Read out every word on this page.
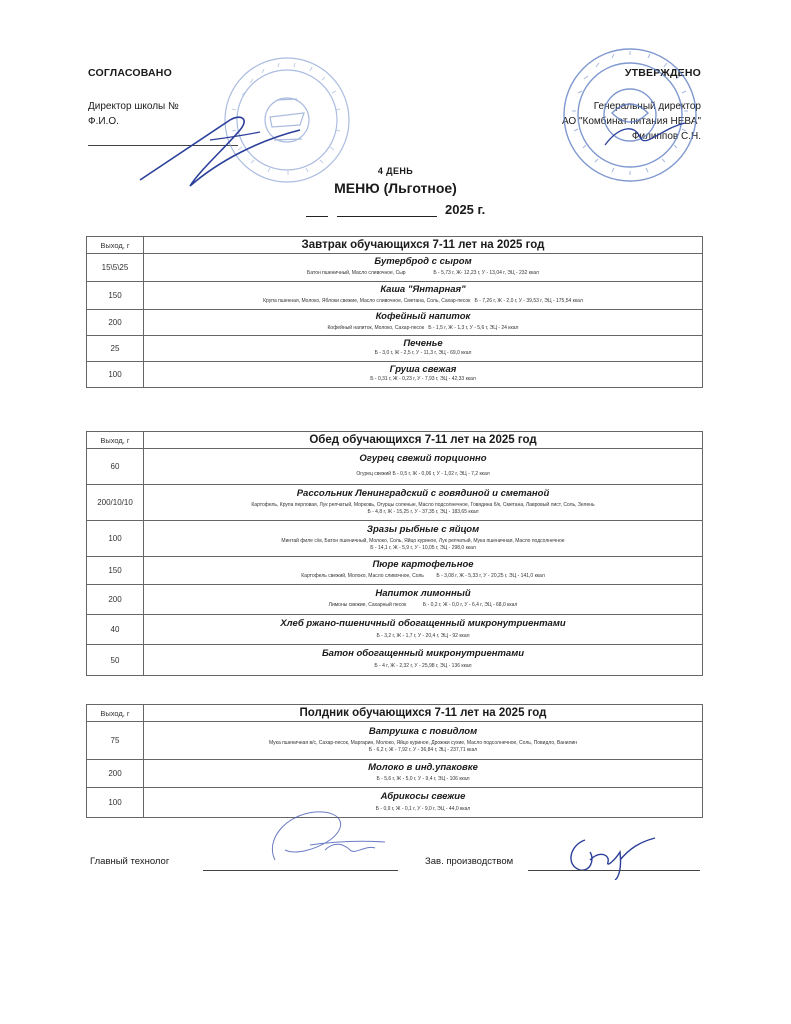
СОГЛАСОВАНО
Директор школы №
Ф.И.О.
УТВЕРЖДЕНО
Генеральный директор
АО "Комбинат питания НЕВА"
Филиппов С.Н.
4 ДЕНЬ
МЕНЮ (Льготное)
2025 г.
Выход, г	Завтрак обучающихся 7-11 лет на 2025 год
15\5\25	Бутерброд с сыром
Батон пшеничный, Масло сливочное, Сыр Б - 5,73 г, Ж- 12,23 г, У - 13,04 г, ЭЦ - 232 ккал

150	Каша "Янтарная"
Крупа пшенная, Молоко, Яблоки свежие, Масло сливочное, Сметана, Соль, Сахар-песок Б - 7,26 г, Ж - 2,0 г, У - 39,53 г, ЭЦ - 175,54 ккал

200	Кофейный напиток
Кофейный напиток, Молоко, Сахар-песок Б - 1,5 г, Ж - 1,3 г, У - 5,6 г, ЭЦ - 24 ккал

25	Печенье
Б - 3,0 г, Ж - 2,5 г, У - 11,3 г, ЭЦ - 69,0 ккал

100	Груша свежая
Б - 0,31 г, Ж - 0,23 г, У - 7,93 г, ЭЦ - 42,33 ккал
Выход, г	Обед обучающихся 7-11 лет на 2025 год
60	Огурец свежий порционно
Огурец свежий Б - 0,5 г, Ж - 0,06 г, У - 1,02 г, ЭЦ - 7,2 ккал

200/10/10	Рассольник Ленинградский с говядиной и сметаной
Картофель, Крупа перловая, Лук репчатый, Морковь, Огурцы соленые, Масло подсолнечное, Говядина б/к, Сметана, Лавровый лист, Соль, Зелень
Б - 4,8 г, Ж - 15,25 г, У - 37,35 г, ЭЦ - 183,65 ккал

100	Зразы рыбные с яйцом
Минтай филе с/м, Батон пшеничный, Молоко, Соль, Яйцо куриное, Лук репчатый, Мука пшеничная, Масло подсолнечное
Б - 14,1 г, Ж - 5,9 г, У - 10,05 г, ЭЦ - 298,0 ккал

150	Пюре картофельное
Картофель свежий, Молоко, Масло сливочное, Соль Б - 3,08 г, Ж - 5,33 г, У - 20,25 г, ЭЦ - 141,0 ккал

200	Напиток лимонный
Лимоны свежие, Сахарный песок Б - 0,2 г, Ж - 0,0 г, У - 6,4 г, ЭЦ - 68,0 ккал

40	Хлеб ржано-пшеничный обогащенный микронутриентами
Б - 3,2 г, Ж - 1,7 г, У - 20,4 г, ЭЦ - 92 ккал

50	Батон обогащенный микронутриентами
Б - 4 г, Ж - 2,32 г, У - 25,98 г, ЭЦ - 136 ккал
Выход, г	Полдник обучающихся 7-11 лет на 2025 год
75	Ватрушка с повидлом
Мука пшеничная в/с, Сахар-песок, Маргарин, Молоко, Яйцо куриное, Дрожжи сухие, Масло подсолнечное, Соль, Повидло, Ванилин
Б - 6,2 г, Ж - 7,92 г, У - 36,84 г, ЭЦ - 237,71 ккал

200	Молоко в инд.упаковке
Б - 5,6 г, Ж - 5,0 г, У - 9,4 г, ЭЦ - 106 ккал

100	Абрикосы свежие
Б - 0,9 г, Ж - 0,1 г, У - 9,0 г, ЭЦ - 44,0 ккал
Главный технолог	Зав. производством
